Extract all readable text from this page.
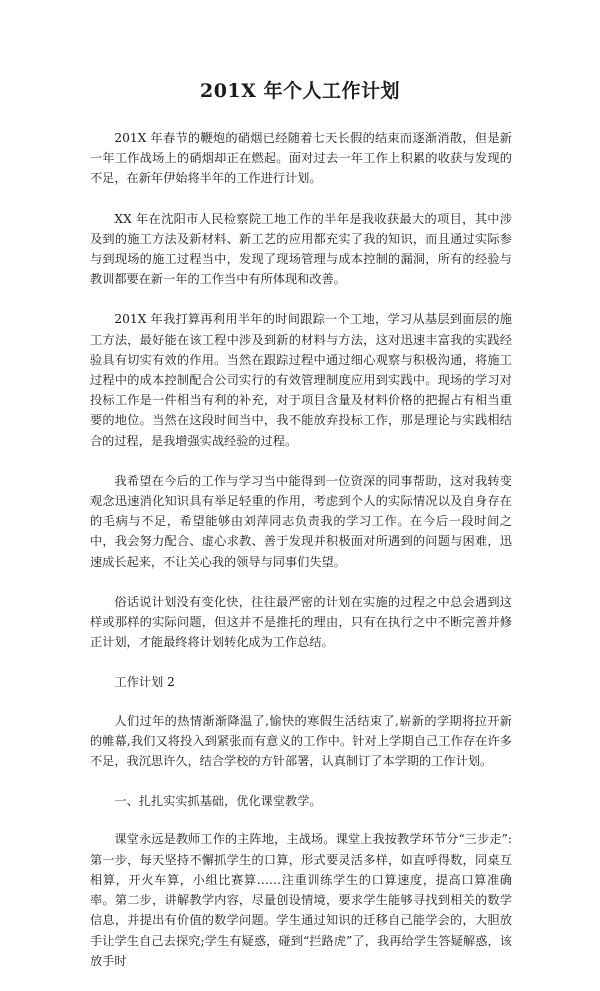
201X 年个人工作计划

201X 年春节的鞭炮的硝烟已经随着七天长假的结束而逐渐消散，但是新一年工作战场上的硝烟却正在燃起。面对过去一年工作上积累的收获与发现的不足，在新年伊始将半年的工作进行计划。

XX 年在沈阳市人民检察院工地工作的半年是我收获最大的项目，其中涉及到的施工方法及新材料、新工艺的应用都充实了我的知识，而且通过实际参与到现场的施工过程当中，发现了现场管理与成本控制的漏洞，所有的经验与教训都要在新一年的工作当中有所体现和改善。

201X 年我打算再利用半年的时间跟踪一个工地，学习从基层到面层的施工方法，最好能在该工程中涉及到新的材料与方法，这对迅速丰富我的实践经验具有切实有效的作用。当然在跟踪过程中通过细心观察与积极沟通，将施工过程中的成本控制配合公司实行的有效管理制度应用到实践中。现场的学习对投标工作是一件相当有利的补充，对于项目含量及材料价格的把握占有相当重要的地位。当然在这段时间当中，我不能放弃投标工作，那是理论与实践相结合的过程，是我增强实战经验的过程。

我希望在今后的工作与学习当中能得到一位资深的同事帮助，这对我转变观念迅速消化知识具有举足轻重的作用，考虑到个人的实际情况以及自身存在的毛病与不足，希望能够由刘萍同志负责我的学习工作。在今后一段时间之中，我会努力配合、虚心求教、善于发现并积极面对所遇到的问题与困难，迅速成长起来，不让关心我的领导与同事们失望。

俗话说计划没有变化快，往往最严密的计划在实施的过程之中总会遇到这样或那样的实际问题，但这并不是推托的理由，只有在执行之中不断完善并修正计划，才能最终将计划转化成为工作总结。

工作计划 2

人们过年的热情渐渐降温了,愉快的寒假生活结束了,崭新的学期将拉开新的帷幕,我们又将投入到紧张而有意义的工作中。针对上学期自己工作存在许多不足，我沉思许久，结合学校的方针部署，认真制订了本学期的工作计划。

一、扎扎实实抓基础，优化课堂教学。

课堂永远是教师工作的主阵地，主战场。课堂上我按教学环节分“三步走”:第一步，每天坚持不懈抓学生的口算，形式要灵活多样，如直呼得数，同桌互相算，开火车算，小组比赛算……注重训练学生的口算速度，提高口算准确率。第二步，讲解教学内容，尽量创设情境，要求学生能够寻找到相关的数学信息，并提出有价值的数学问题。学生通过知识的迁移自己能学会的，大胆放手让学生自己去探究;学生有疑惑，碰到“拦路虎”了，我再给学生答疑解惑，该放手时
